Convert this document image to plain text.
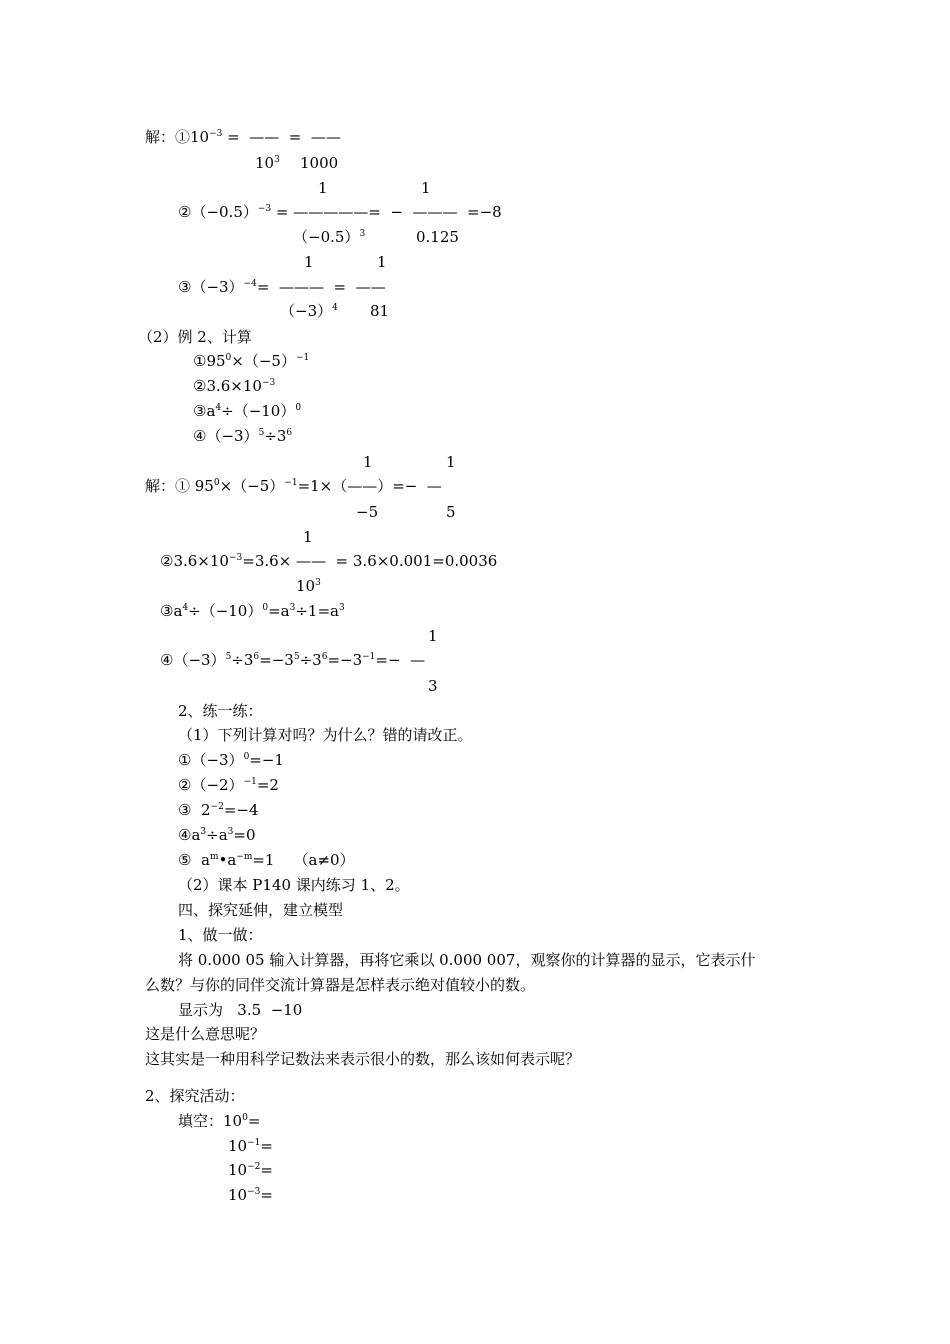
解：$①10^{-3}$ =  ——  =  ——
$10^3$ 1000
1	1
$②(-0.5)^{-3}$ = —————=  −  ———  =−8
$(-0.5)^3$	0.125
1	1
$③(-3)^{-4}=$  ———  =  ——
$(-3)^4$ 81
（2）例 2、计算
$①95^0\times(-5)^{-1}$
$②3.6\times 10^{-3}$
$③a^4\div(-10)^0$
$④(-3)^5\div 3^6$
1	1
解：① $95^0\times(-5)^{-1}=1\times(——)=-$  —
−5	5
1
$②3.6\times 10^{-3}=3.6\times$ ——  = 3.6×0.001=0.0036
$10^3$
$③a^4\div(-10)^0=a^3\div 1=a^3$
1
$④(-3)^5\div 3^6=-3^5\div 3^6=-3^{-1}=-$  —
3
2、练一练：
（1）下列计算对吗？为什么？错的请改正。
$①(-3)^0=-1$
$②(-2)^{-1}=2$
③  $2^{-2}=-4$
$④a^3\div a^3=0$
⑤  $a^m•a^{-m}=1$    （a≠0）
（2）课本 P140 课内练习 1、2。
四、探究延伸，建立模型
1、做一做：
将 0.000 05 输入计算器，再将它乘以 0.000 007，观察你的计算器的显示，它表示什
么数？与你的同伴交流计算器是怎样表示绝对值较小的数。
显示为   3.5  −10
这是什么意思呢？
这其实是一种用科学记数法来表示很小的数，那么该如何表示呢？
2、探究活动：
填空：$10^0=$
$10^{-1}=$
$10^{-2}=$
$10^{-3}=$
